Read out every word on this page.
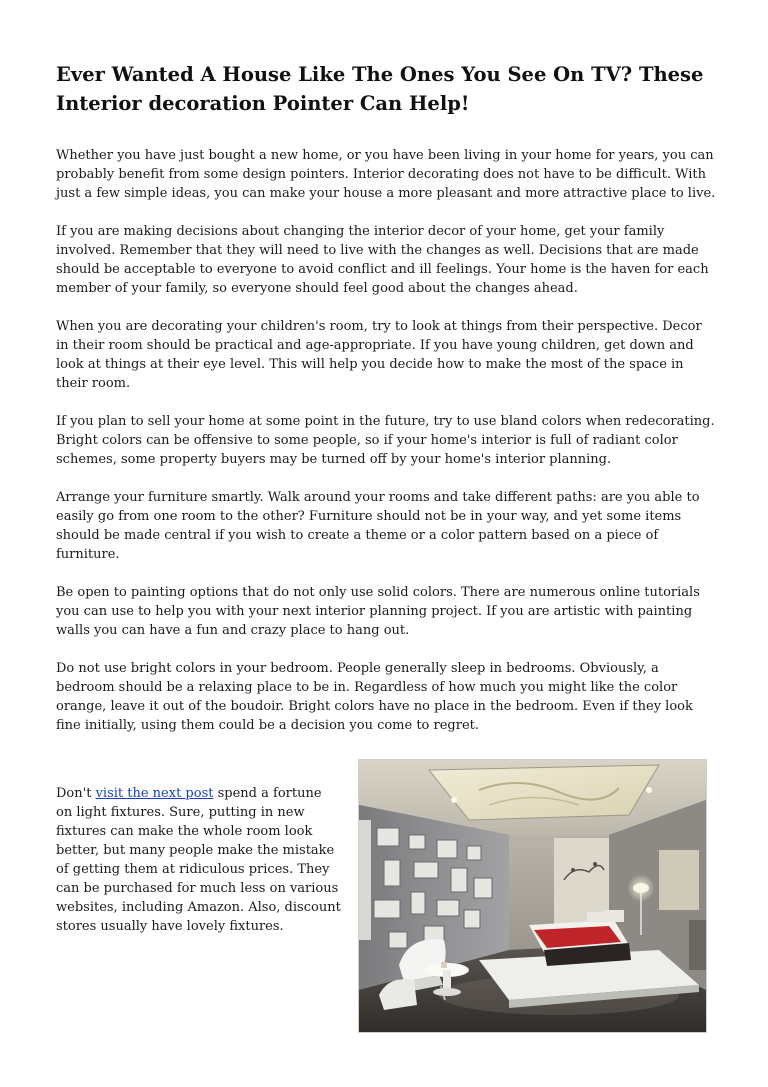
Ever Wanted A House Like The Ones You See On TV? These Interior decoration Pointer Can Help!

Whether you have just bought a new home, or you have been living in your home for years, you can probably benefit from some design pointers. Interior decorating does not have to be difficult. With just a few simple ideas, you can make your house a more pleasant and more attractive place to live.

If you are making decisions about changing the interior decor of your home, get your family involved. Remember that they will need to live with the changes as well. Decisions that are made should be acceptable to everyone to avoid conflict and ill feelings. Your home is the haven for each member of your family, so everyone should feel good about the changes ahead.

When you are decorating your children's room, try to look at things from their perspective. Decor in their room should be practical and age-appropriate. If you have young children, get down and look at things at their eye level. This will help you decide how to make the most of the space in their room.

If you plan to sell your home at some point in the future, try to use bland colors when redecorating. Bright colors can be offensive to some people, so if your home's interior is full of radiant color schemes, some property buyers may be turned off by your home's interior planning.

Arrange your furniture smartly. Walk around your rooms and take different paths: are you able to easily go from one room to the other? Furniture should not be in your way, and yet some items should be made central if you wish to create a theme or a color pattern based on a piece of furniture.

Be open to painting options that do not only use solid colors. There are numerous online tutorials you can use to help you with your next interior planning project. If you are artistic with painting walls you can have a fun and crazy place to hang out.

Do not use bright colors in your bedroom. People generally sleep in bedrooms. Obviously, a bedroom should be a relaxing place to be in. Regardless of how much you might like the color orange, leave it out of the boudoir. Bright colors have no place in the bedroom. Even if they look fine initially, using them could be a decision you come to regret.

Don't visit the next post spend a fortune on light fixtures. Sure, putting in new fixtures can make the whole room look better, but many people make the mistake of getting them at ridiculous prices. They can be purchased for much less on various websites, including Amazon. Also, discount stores usually have lovely fixtures.
